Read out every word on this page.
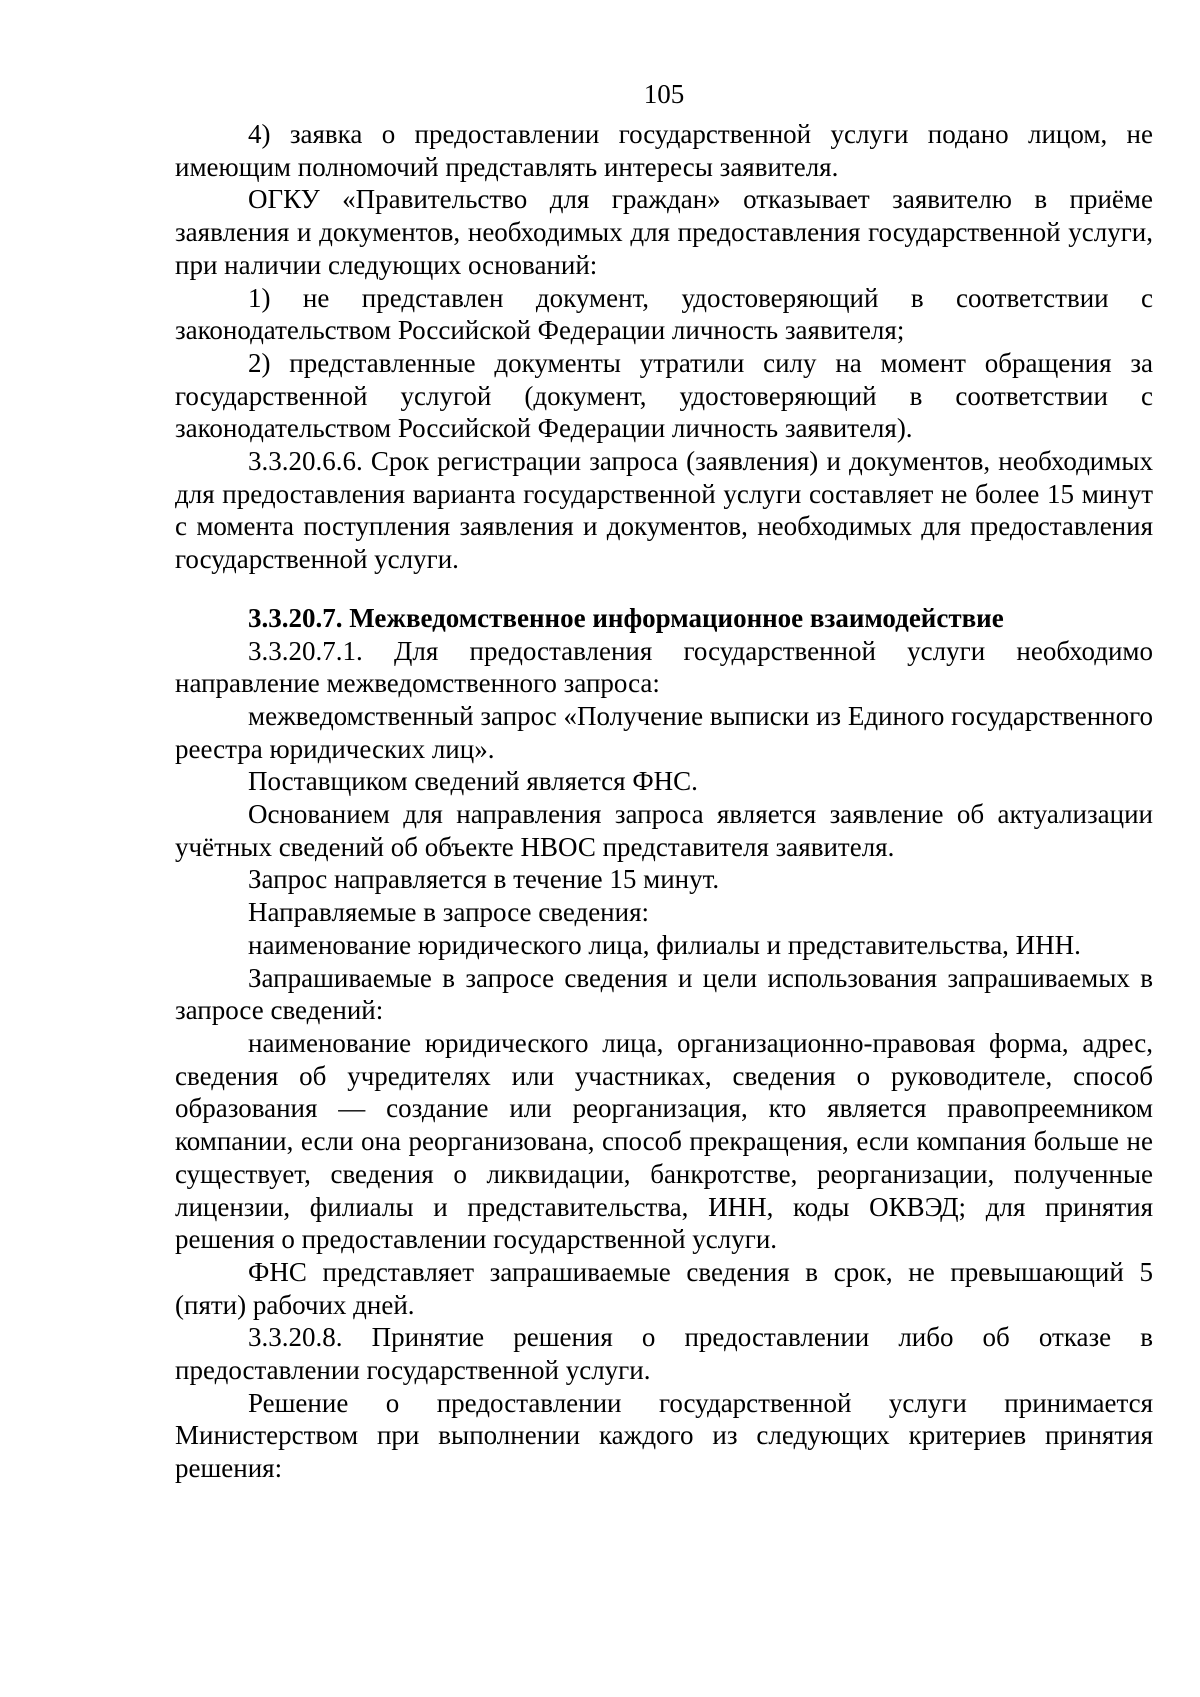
105

4) заявка о предоставлении государственной услуги подано лицом, не имеющим полномочий представлять интересы заявителя.

ОГКУ «Правительство для граждан» отказывает заявителю в приёме заявления и документов, необходимых для предоставления государственной услуги, при наличии следующих оснований:

1) не представлен документ, удостоверяющий в соответствии с законодательством Российской Федерации личность заявителя;

2) представленные документы утратили силу на момент обращения за государственной услугой (документ, удостоверяющий в соответствии с законодательством Российской Федерации личность заявителя).

3.3.20.6.6. Срок регистрации запроса (заявления) и документов, необходимых для предоставления варианта государственной услуги составляет не более 15 минут с момента поступления заявления и документов, необходимых для предоставления государственной услуги.

3.3.20.7. Межведомственное информационное взаимодействие

3.3.20.7.1. Для предоставления государственной услуги необходимо направление межведомственного запроса:

межведомственный запрос «Получение выписки из Единого государственного реестра юридических лиц».

Поставщиком сведений является ФНС.

Основанием для направления запроса является заявление об актуализации учётных сведений об объекте НВОС представителя заявителя.

Запрос направляется в течение 15 минут.

Направляемые в запросе сведения:

наименование юридического лица, филиалы и представительства, ИНН.

Запрашиваемые в запросе сведения и цели использования запрашиваемых в запросе сведений:

наименование юридического лица, организационно-правовая форма, адрес, сведения об учредителях или участниках, сведения о руководителе, способ образования — создание или реорганизация, кто является правопреемником компании, если она реорганизована, способ прекращения, если компания больше не существует, сведения о ликвидации, банкротстве, реорганизации, полученные лицензии, филиалы и представительства, ИНН, коды ОКВЭД; для принятия решения о предоставлении государственной услуги.

ФНС представляет запрашиваемые сведения в срок, не превышающий 5 (пяти) рабочих дней.

3.3.20.8. Принятие решения о предоставлении либо об отказе в предоставлении государственной услуги.

Решение о предоставлении государственной услуги принимается Министерством при выполнении каждого из следующих критериев принятия решения:
